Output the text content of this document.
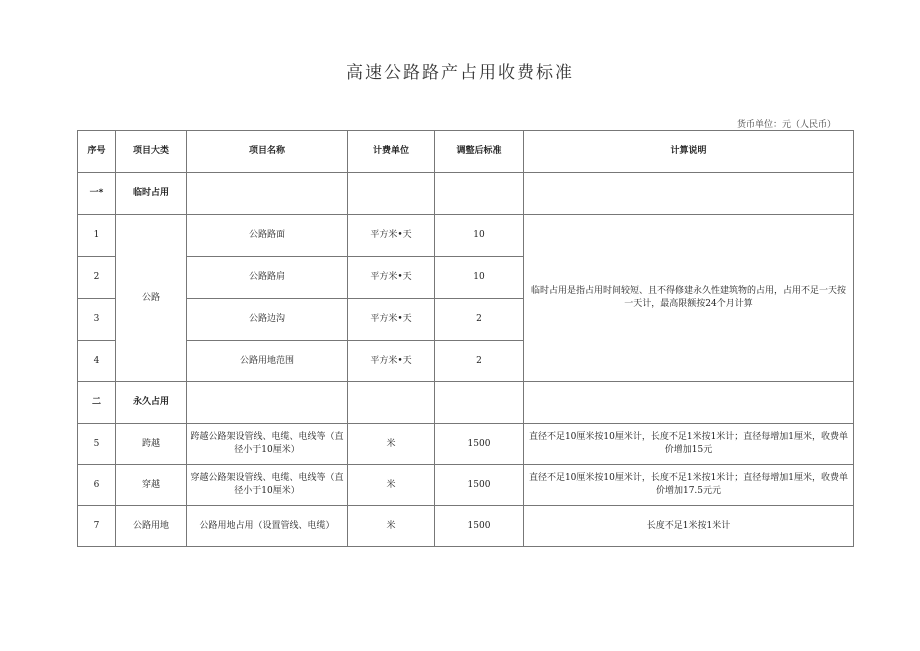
高速公路路产占用收费标准
货币单位：元（人民币）
序号	项目大类	项目名称	计费单位	调整后标准	计算说明
一*	临时占用				
1	公路	公路路面	平方米•天	10	临时占用是指占用时间较短、且不得修建永久性建筑物的占用，占用不足一天按一天计，最高限额按24个月计算
2		公路路肩	平方米•天	10	
3		公路边沟	平方米•天	2	
4		公路用地范围	平方米•天	2	
二	永久占用				
5	跨越	跨越公路架设管线、电缆、电线等（直径小于10厘米）	米	1500	直径不足10厘米按10厘米计，长度不足1米按1米计；直径每增加1厘米，收费单价增加15元
6	穿越	穿越公路架设管线、电缆、电线等（直径小于10厘米）	米	1500	直径不足10厘米按10厘米计，长度不足1米按1米计；直径每增加1厘米，收费单价增加17.5元元
7	公路用地	公路用地占用（设置管线、电缆）	米	1500	长度不足1米按1米计
